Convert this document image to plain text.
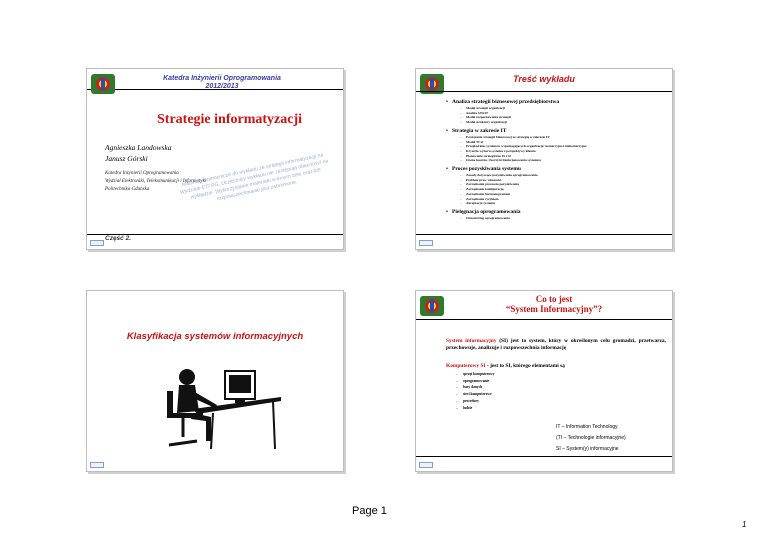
Katedra Inżynierii Oprogramowania
2012/2013
Strategie informatyzacji
Agnieszka Landowska
Janusz Górski
Katedra Inżynierii Oprogramowania
Wydział Elektroniki, Telekomunikacji i Informatyki
Politechnika Gdańska
Materiały pomocnicze do wykładu ze strategii informatyzacji na Wydziale ETI PG. Uczestnicy wykładu nie zastępują obecności na wykładzie. Wykorzystanie materiału w innym celu oraz ich rozpowszechnianie jest zabronione.
Część 2.
Treść wykładu
• Analiza strategii biznesowej przedsiębiorstwa
– Model strategii organizacji
– Analiza SWOT
– Model rozpoznawania strategii
– Model struktury organizacji
• Strategia w zakresie IT
– Powiązanie strategii biznesowej ze strategią w zakresie IT
– Model TCO
– Przegląd klas systemów wspomagających organizację: komercyjne i niekomercyjne
– Kryteria wyboru systemu z perspektywy klienta
– Planowanie strategiczne IS i SI
– Ocena kosztów i korzyści funkcjonowania systemów
• Proces pozyskiwania systemu
– Zasady dotyczące pozyskiwania oprogramowania
– Problem praw własności
– Zarządzanie procesem pozyskiwania
– Zarządzanie konfiguracją
– Zarządzanie harmonogramem
– Zarządzanie ryzykiem
– Akceptacja systemu
• Pielęgnacja oprogramowania
– Outsourcing oprogramowania
Klasyfikacja systemów informacyjnych
Co to jest
“System Informacyjny”?
System informacyjny (SI) jest to system, który w określonym celu gromadzi, przetwarza, przechowuje, analizuje i rozpowszechnia informację
Komputerowy SI - jest to SI, którego elementami są
– sprzęt komputerowy
– oprogramowanie
– bazy danych
– sieci komputerowe
– procedury
– ludzie
IT – Information Technology
(TI – Technologie informacyjne)
SI – System(y) informacyjne
Page 1
1
